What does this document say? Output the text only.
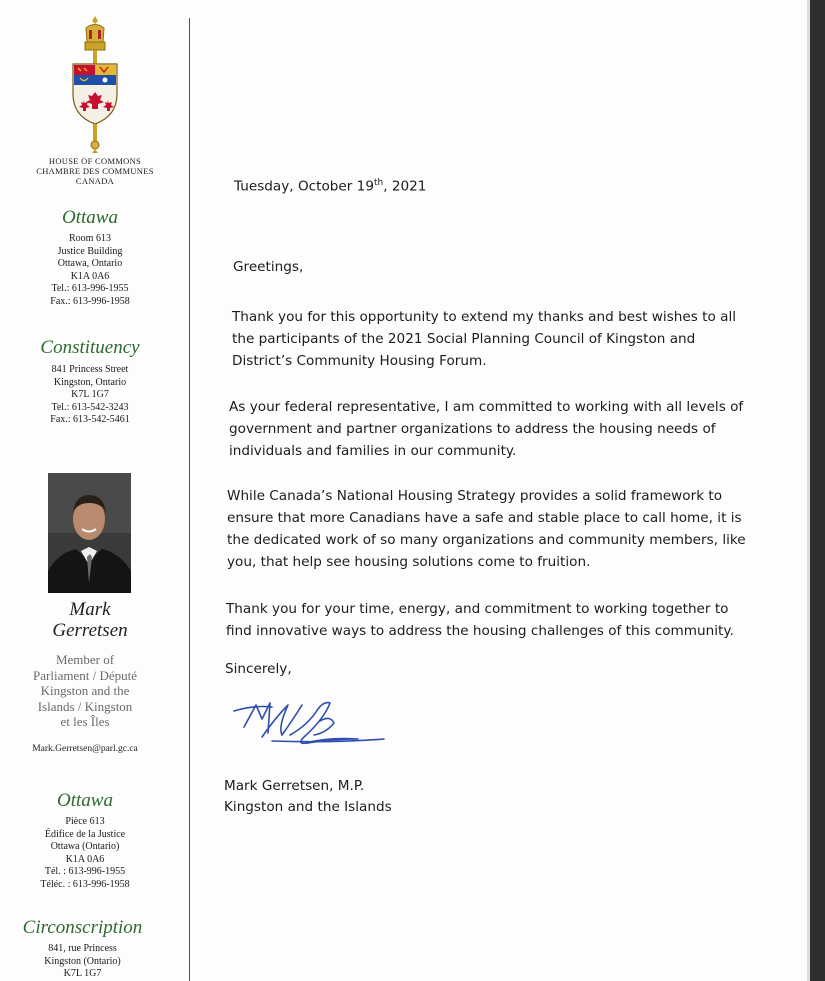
HOUSE OF COMMONS
CHAMBRE DES COMMUNES
CANADA
Ottawa
Room 613
Justice Building
Ottawa, Ontario
K1A 0A6
Tel.: 613-996-1955
Fax.: 613-996-1958
Constituency
841 Princess Street
Kingston, Ontario
K7L 1G7
Tel.: 613-542-3243
Fax.: 613-542-5461
Mark
Gerretsen
Member of
Parliament / Député
Kingston and the
Islands / Kingston
et les Îles
Mark.Gerretsen@parl.gc.ca
Ottawa
Pièce 613
Édifice de la Justice
Ottawa (Ontario)
K1A 0A6
Tél. : 613-996-1955
Téléc. : 613-996-1958
Circonscription
841, rue Princess
Kingston (Ontario)
K7L 1G7
Tuesday, October 19th, 2021
Greetings,
Thank you for this opportunity to extend my thanks and best wishes to all the participants of the 2021 Social Planning Council of Kingston and District’s Community Housing Forum.
As your federal representative, I am committed to working with all levels of government and partner organizations to address the housing needs of individuals and families in our community.
While Canada’s National Housing Strategy provides a solid framework to ensure that more Canadians have a safe and stable place to call home, it is the dedicated work of so many organizations and community members, like you, that help see housing solutions come to fruition.
Thank you for your time, energy, and commitment to working together to find innovative ways to address the housing challenges of this community.
Sincerely,
Mark Gerretsen, M.P.
Kingston and the Islands
